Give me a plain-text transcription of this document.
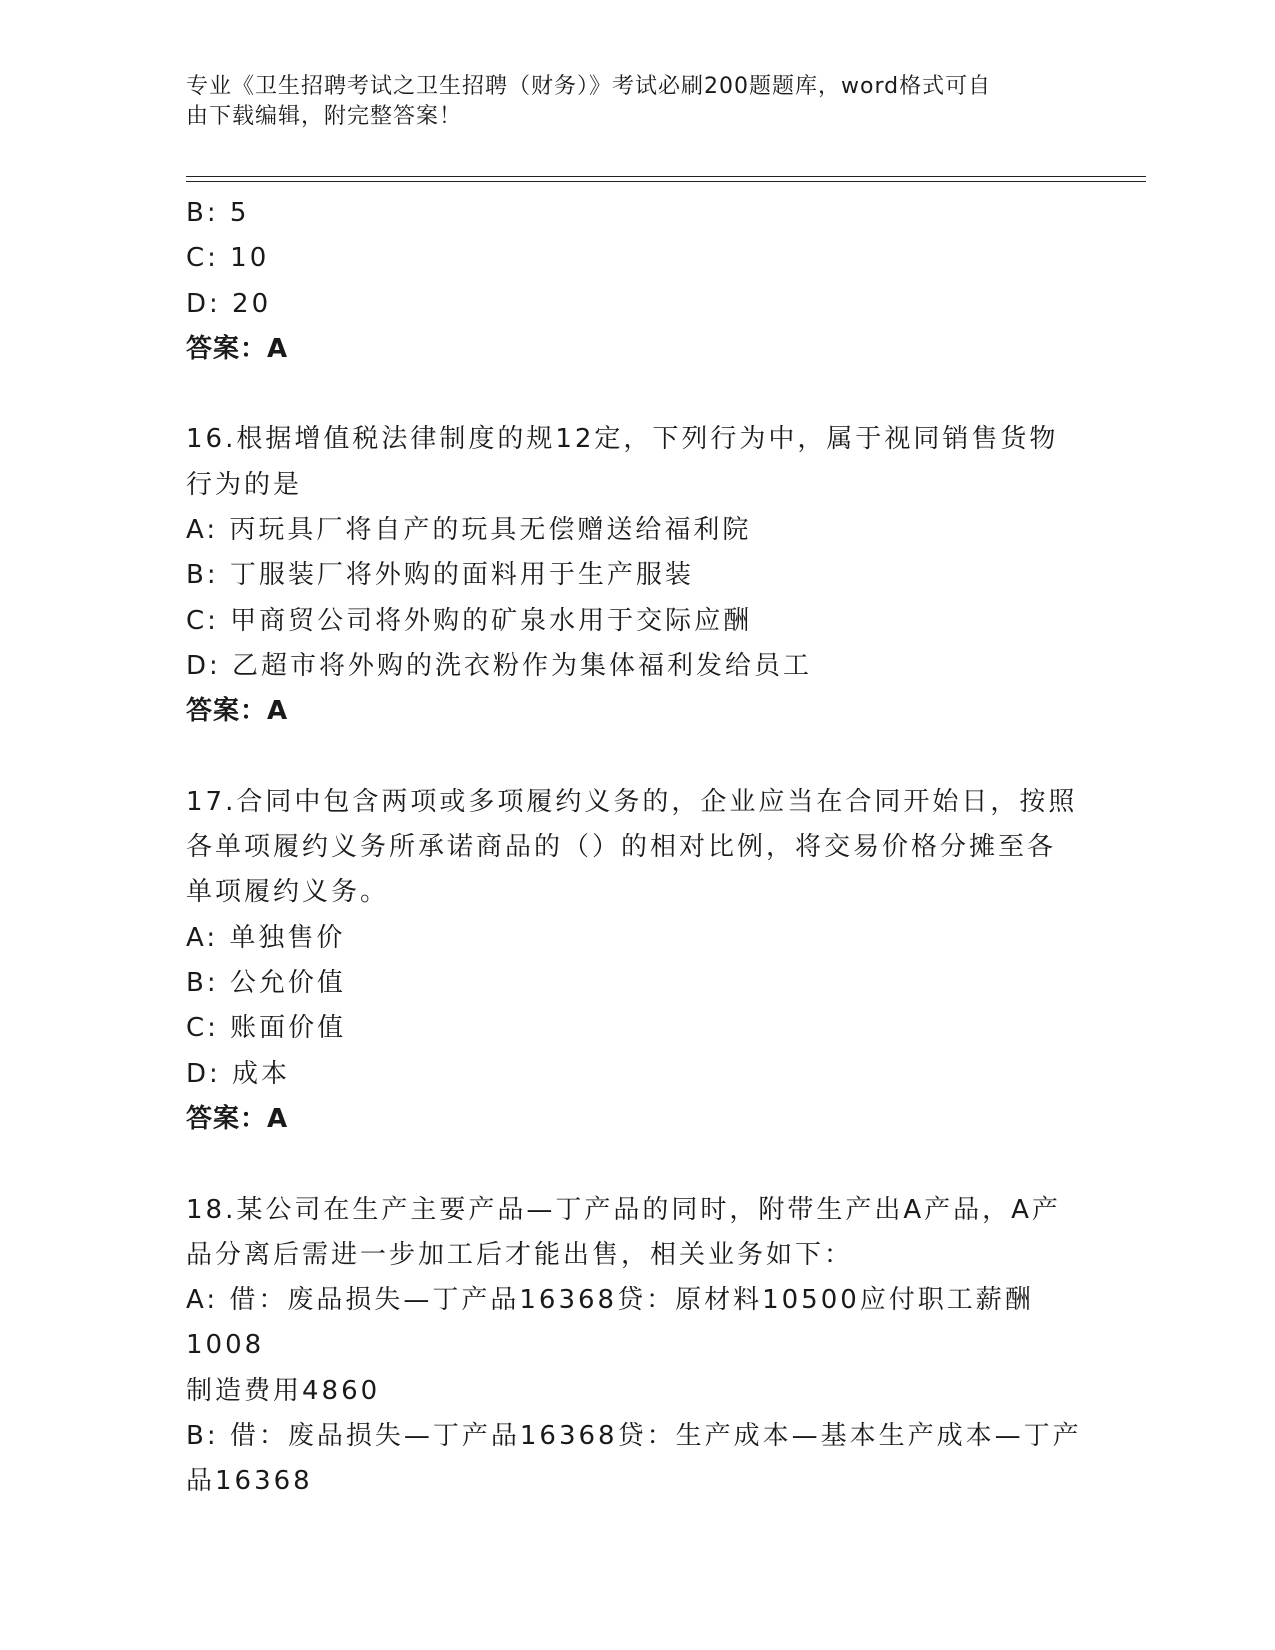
专业《卫生招聘考试之卫生招聘（财务）》考试必刷200题题库，word格式可自
由下载编辑，附完整答案！
B: 5
C: 10
D: 20
答案：A
16.根据增值税法律制度的规12定，下列行为中，属于视同销售货物
行为的是
A: 丙玩具厂将自产的玩具无偿赠送给福利院
B: 丁服装厂将外购的面料用于生产服装
C: 甲商贸公司将外购的矿泉水用于交际应酬
D: 乙超市将外购的洗衣粉作为集体福利发给员工
答案：A
17.合同中包含两项或多项履约义务的，企业应当在合同开始日，按照
各单项履约义务所承诺商品的（）的相对比例，将交易价格分摊至各
单项履约义务。
A: 单独售价
B: 公允价值
C: 账面价值
D: 成本
答案：A
18.某公司在生产主要产品—丁产品的同时，附带生产出A产品，A产
品分离后需进一步加工后才能出售，相关业务如下：
A: 借：废品损失—丁产品16368贷：原材料10500应付职工薪酬1008
制造费用4860
B: 借：废品损失—丁产品16368贷：生产成本—基本生产成本—丁产
品16368
